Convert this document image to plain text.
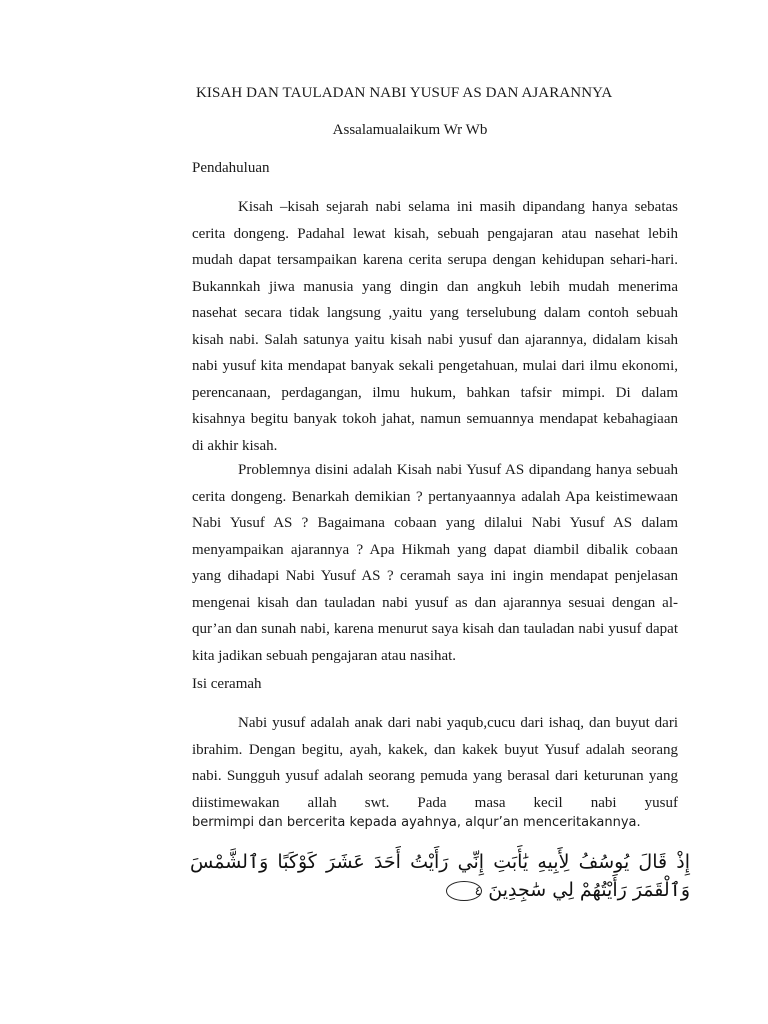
KISAH DAN TAULADAN NABI YUSUF AS DAN AJARANNYA
Assalamualaikum Wr Wb
Pendahuluan

Kisah –kisah sejarah nabi selama ini masih dipandang hanya sebatas cerita dongeng. Padahal lewat kisah, sebuah pengajaran atau nasehat lebih mudah dapat tersampaikan karena cerita serupa dengan kehidupan sehari-hari. Bukannkah jiwa manusia yang dingin dan angkuh lebih mudah menerima nasehat secara tidak langsung ,yaitu yang terselubung dalam contoh sebuah kisah nabi. Salah satunya yaitu kisah nabi yusuf dan ajarannya, didalam kisah nabi yusuf kita mendapat banyak sekali pengetahuan, mulai dari ilmu ekonomi, perencanaan, perdagangan, ilmu hukum, bahkan tafsir mimpi. Di dalam kisahnya begitu banyak tokoh jahat, namun semuannya mendapat kebahagiaan di akhir kisah.

Problemnya disini adalah Kisah nabi Yusuf AS dipandang hanya sebuah cerita dongeng. Benarkah demikian ? pertanyaannya adalah Apa keistimewaan Nabi Yusuf AS ? Bagaimana cobaan yang dilalui Nabi Yusuf AS dalam menyampaikan ajarannya ? Apa Hikmah yang dapat diambil dibalik cobaan yang dihadapi Nabi Yusuf AS ? ceramah saya ini ingin mendapat penjelasan mengenai kisah dan tauladan nabi yusuf as dan ajarannya sesuai dengan al- qur’an dan sunah nabi, karena menurut saya kisah dan tauladan nabi yusuf dapat kita jadikan sebuah pengajaran atau nasihat.

Isi ceramah

Nabi yusuf adalah anak dari nabi yaqub,cucu dari ishaq, dan buyut dari ibrahim. Dengan begitu, ayah, kakek, dan kakek buyut Yusuf adalah seorang nabi. Sungguh yusuf adalah seorang pemuda yang berasal dari keturunan yang diistimewakan allah swt. Pada masa kecil nabi yusuf

bermimpi dan bercerita kepada ayahnya, alqur’an menceritakannya.
إِذْ قَالَ يُوسُفُ لِأَبِيهِ يَٰأَبَتِ إِنِّي رَأَيْتُ أَحَدَ عَشَرَ كَوْكَبًا وَٱلشَّمْسَ
وَٱلْقَمَرَ رَأَيْتُهُمْ لِي سَٰجِدِينَ ٤
